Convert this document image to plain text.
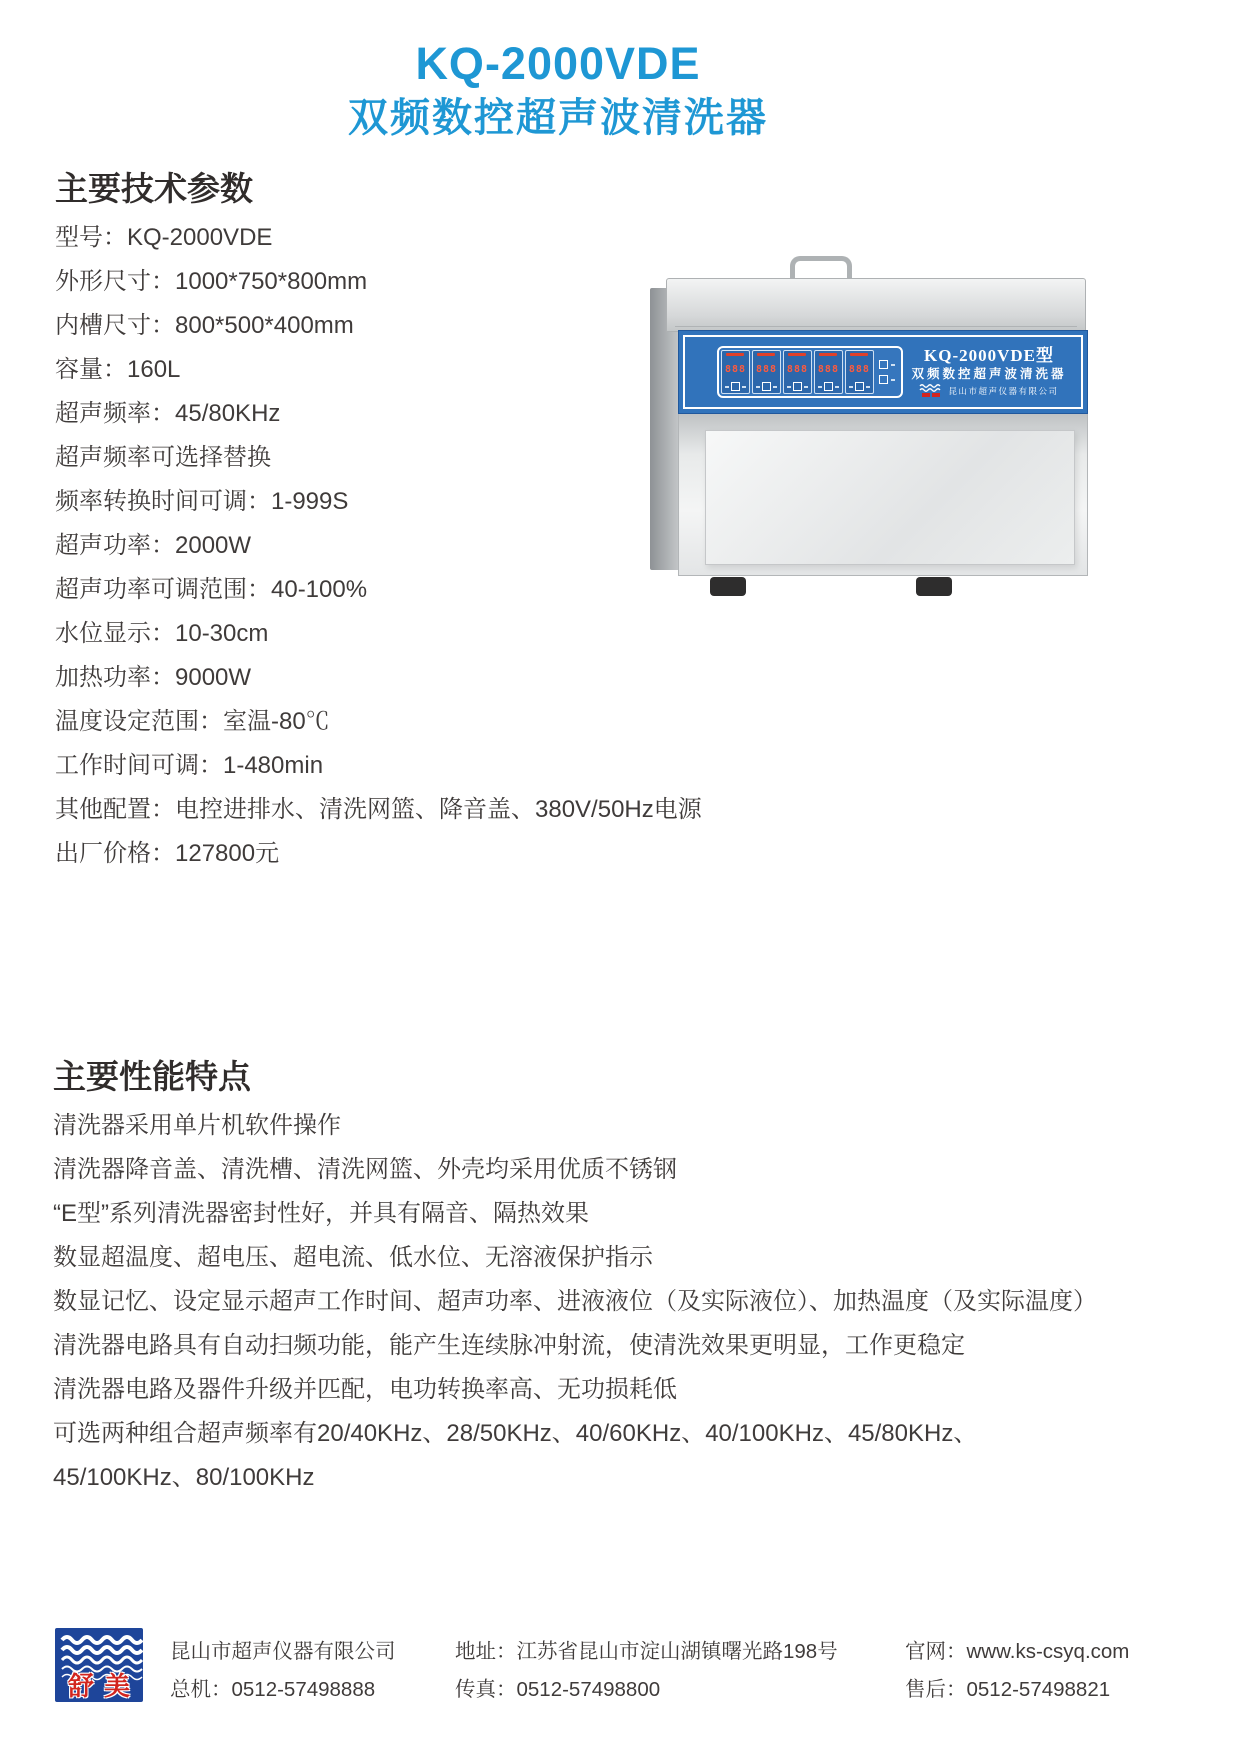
KQ-2000VDE
双频数控超声波清洗器
主要技术参数
型号：KQ-2000VDE
外形尺寸：1000*750*800mm
内槽尺寸：800*500*400mm
容量：160L
超声频率：45/80KHz
超声频率可选择替换
频率转换时间可调：1-999S
超声功率：2000W
超声功率可调范围：40-100%
水位显示：10-30cm
加热功率：9000W
温度设定范围：室温-80℃
工作时间可调：1-480min
其他配置：电控进排水、清洗网篮、降音盖、380V/50Hz电源
出厂价格：127800元
888 888 888 888 888
KQ-2000VDE型
双频数控超声波清洗器
昆山市超声仪器有限公司
主要性能特点
清洗器采用单片机软件操作
清洗器降音盖、清洗槽、清洗网篮、外壳均采用优质不锈钢
“E型”系列清洗器密封性好，并具有隔音、隔热效果
数显超温度、超电压、超电流、低水位、无溶液保护指示
数显记忆、设定显示超声工作时间、超声功率、进液液位（及实际液位）、加热温度（及实际温度）
清洗器电路具有自动扫频功能，能产生连续脉冲射流，使清洗效果更明显，工作更稳定
清洗器电路及器件升级并匹配，电功转换率高、无功损耗低
可选两种组合超声频率有20/40KHz、28/50KHz、40/60KHz、40/100KHz、45/80KHz、
45/100KHz、80/100KHz
舒美
昆山市超声仪器有限公司
总机：0512-57498888
地址：江苏省昆山市淀山湖镇曙光路198号
传真：0512-57498800
官网：www.ks-csyq.com
售后：0512-57498821
